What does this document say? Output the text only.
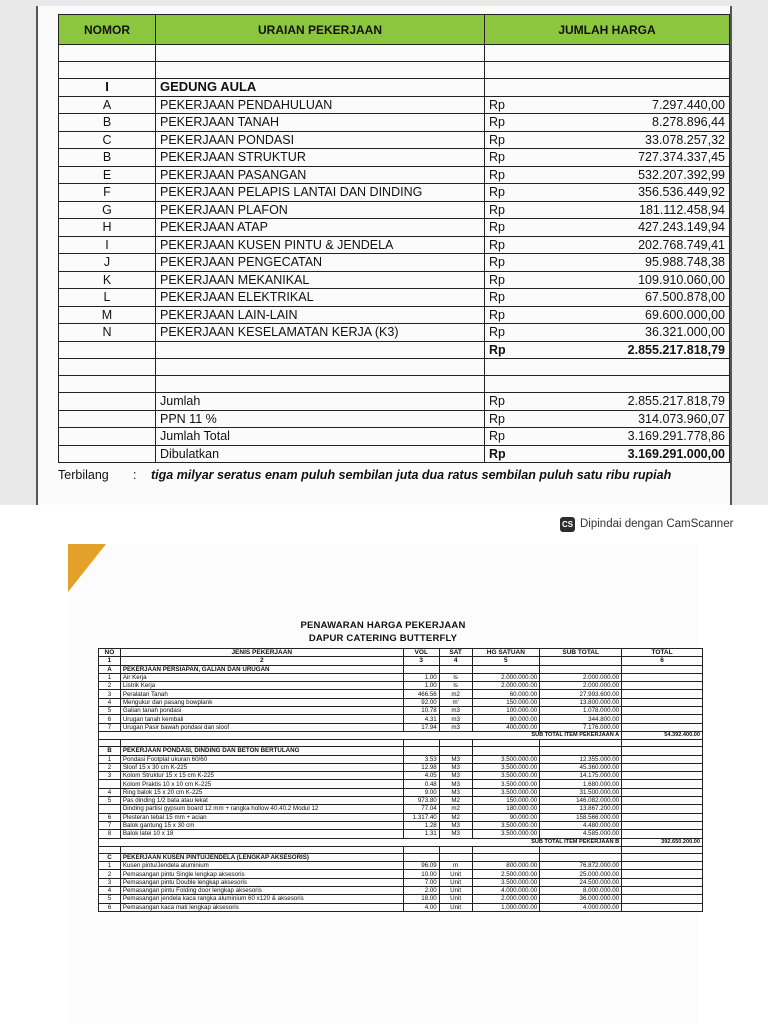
NOMOR	URAIAN PEKERJAAN	JUMLAH HARGA	

I	GEDUNG AULA		
A	PEKERJAAN PENDAHULUAN	Rp	7.297.440,00
B	PEKERJAAN TANAH	Rp	8.278.896,44
C	PEKERJAAN PONDASI	Rp	33.078.257,32
B	PEKERJAAN STRUKTUR	Rp	727.374.337,45
E	PEKERJAAN PASANGAN	Rp	532.207.392,99
F	PEKERJAAN PELAPIS LANTAI DAN DINDING	Rp	356.536.449,92
G	PEKERJAAN PLAFON	Rp	181.112.458,94
H	PEKERJAAN ATAP	Rp	427.243.149,94
I	PEKERJAAN KUSEN PINTU & JENDELA	Rp	202.768.749,41
J	PEKERJAAN PENGECATAN	Rp	95.988.748,38
K	PEKERJAAN MEKANIKAL	Rp	109.910.060,00
L	PEKERJAAN ELEKTRIKAL	Rp	67.500.878,00
M	PEKERJAAN LAIN-LAIN	Rp	69.600.000,00
N	PEKERJAAN KESELAMATAN KERJA (K3)	Rp	36.321.000,00
		Rp	2.855.217.818,79

	Jumlah	Rp	2.855.217.818,79
	PPN 11 %	Rp	314.073.960,07
	Jumlah Total	Rp	3.169.291.778,86
	Dibulatkan	Rp	3.169.291.000,00
Terbilang : tiga milyar seratus enam puluh sembilan juta dua ratus sembilan puluh satu ribu rupiah
CS Dipindai dengan CamScanner
PENAWARAN HARGA PEKERJAAN
DAPUR CATERING BUTTERFLY
NO	JENIS PEKERJAAN	VOL	SAT	HG SATUAN	SUB TOTAL	TOTAL
1	2	3	4	5		6
A	PEKERJAAN PERSIAPAN, GALIAN DAN URUGAN					
1	Air Kerja	1.00	ls	2.000.000.00	2.000.000.00	
2	Listrik Kerja	1.00	ls	2.000.000.00	2.000.000.00	
3	Peralatan Tanah	466.56	m2	60.000.00	27.993.600.00	
4	Mengukur dan pasang bowplank	92.00	m'	150.000.00	13.800.000.00	
5	Galian tanah pondasi	10.78	m3	100.000.00	1.078.000.00	
6	Urugan tanah kembali	4.31	m3	80.000.00	344.800.00	
7	Urugan Pasir bawah pondasi dan sloof	17.94	m3	400.000.00	7.176.000.00	
SUB TOTAL ITEM PEKERJAAN A						54.392.400.00

B	PEKERJAAN PONDASI, DINDING DAN BETON BERTULANG					
1	Pondasi Footplat ukuran 60/60	3.53	M3	3.500.000.00	12.355.000.00	
2	Sloof 15 x 30 cm K-225	12.98	M3	3.500.000.00	45.360.000.00	
3	Kolom Struktur 15 x 15 cm K-225	4.05	M3	3.500.000.00	14.175.000.00	
	Kolom Praktis 10 x 10 cm K-225	0.48	M3	3.500.000.00	1.680.000.00	
4	Ring balok 15 x 20 cm K-225	9.00	M3	3.500.000.00	31.500.000.00	
5	Pas dinding 1/2 bata atau lekat	973.80	M2	150.000.00	146.082.000.00	
	Dinding partisi gypsum board 12 mm + rangka hollow 40.40.2 Modul 12	77.04	m2	180.000.00	13.867.200.00	
6	Plesteran tebal 15 mm + acian	1.317.40	M2	90.000.00	158.566.000.00	
7	Balok gantung 15 x 30 cm	1.28	M3	3.500.000.00	4.480.000.00	
8	Balok latei 10 x 18	1.31	M3	3.500.000.00	4.585.000.00	
SUB TOTAL ITEM PEKERJAAN B						392.650.200.00

C	PEKERJAAN KUSEN PINTU/JENDELA (LENGKAP AKSESORIS)					
1	Kusen pintu/Jendela aluminium	96.09	m	800.000.00	76.872.000.00	
2	Pemasangan pintu Single lengkap aksesoris	10.00	Unit	2.500.000.00	25.000.000.00	
3	Pemasangan pintu Double lengkap aksesoris	7.00	Unit	3.500.000.00	24.500.000.00	
4	Pemasangan pintu Folding door lengkap aksesoris	2.00	Unit	4.000.000.00	8.000.000.00	
5	Pemasangan jendela kaca rangka aluminium 60 x120 & aksesoris	18.00	Unit	2.000.000.00	36.000.000.00	
6	Pemasangan kaca mati lengkap aksesoris	4.00	Unit	1.000.000.00	4.000.000.00	
